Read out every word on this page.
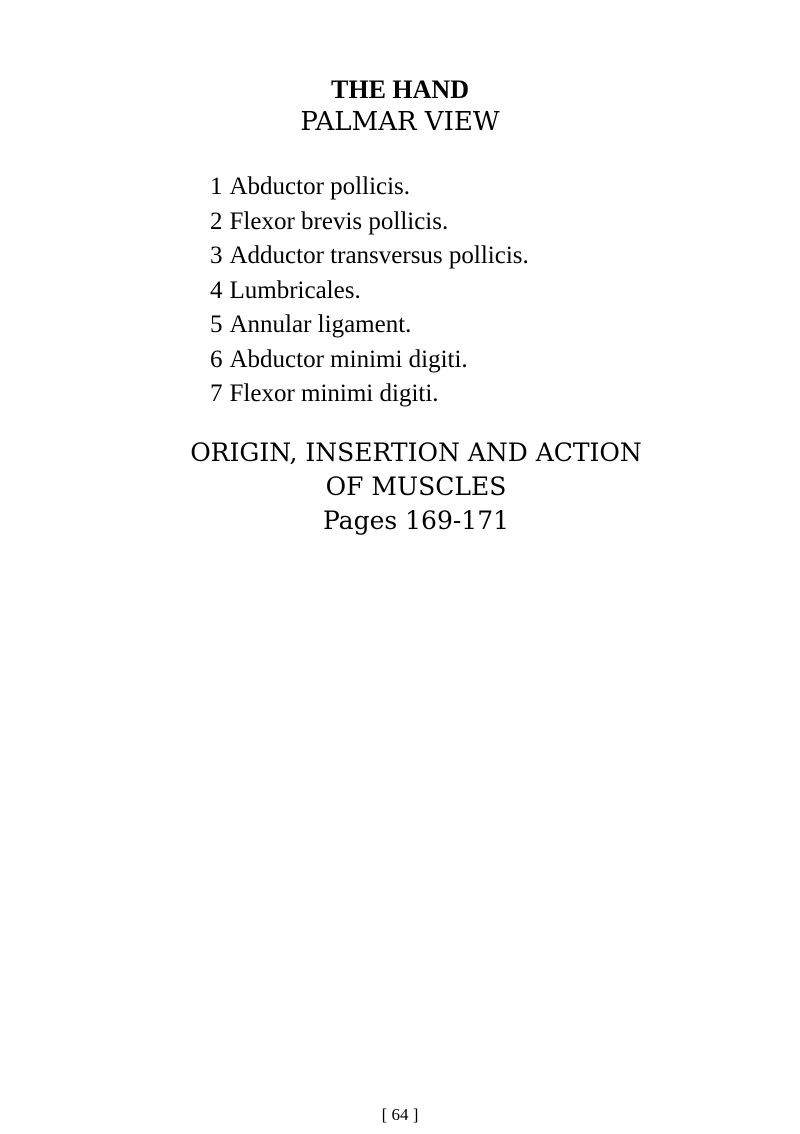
THE HAND
PALMAR VIEW
1 Abductor pollicis.
2 Flexor brevis pollicis.
3 Adductor transversus pollicis.
4 Lumbricales.
5 Annular ligament.
6 Abductor minimi digiti.
7 Flexor minimi digiti.
ORIGIN, INSERTION AND ACTION
OF MUSCLES
Pages 169-171
[ 64 ]
